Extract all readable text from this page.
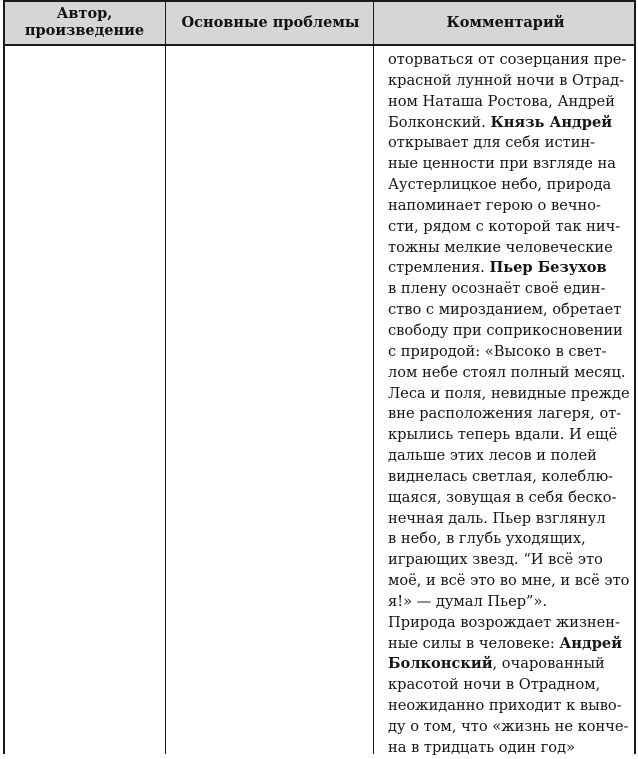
Автор,
произведение	Основные проблемы	Комментарий
оторваться от созерцания пре-
красной лунной ночи в Отрад-
ном Наташа Ростова, Андрей
Болконский. Князь Андрей
открывает для себя истин-
ные ценности при взгляде на
Аустерлицкое небо, природа
напоминает герою о вечно-
сти, рядом с которой так нич-
тожны мелкие человеческие
стремления. Пьер Безухов
в плену осознаёт своё един-
ство с мирозданием, обретает
свободу при соприкосновении
с природой: «Высоко в свет-
лом небе стоял полный месяц.
Леса и поля, невидные прежде
вне расположения лагеря, от-
крылись теперь вдали. И ещё
дальше этих лесов и полей
виднелась светлая, колеблю-
щаяся, зовущая в себя беско-
нечная даль. Пьер взглянул
в небо, в глубь уходящих,
играющих звезд. “И всё это
моё, и всё это во мне, и всё это
я!» — думал Пьер”».
Природа возрождает жизнен-
ные силы в человеке: Андрей
Болконский, очарованный
красотой ночи в Отрадном,
неожиданно приходит к выво-
ду о том, что «жизнь не конче-
на в тридцать один год»
